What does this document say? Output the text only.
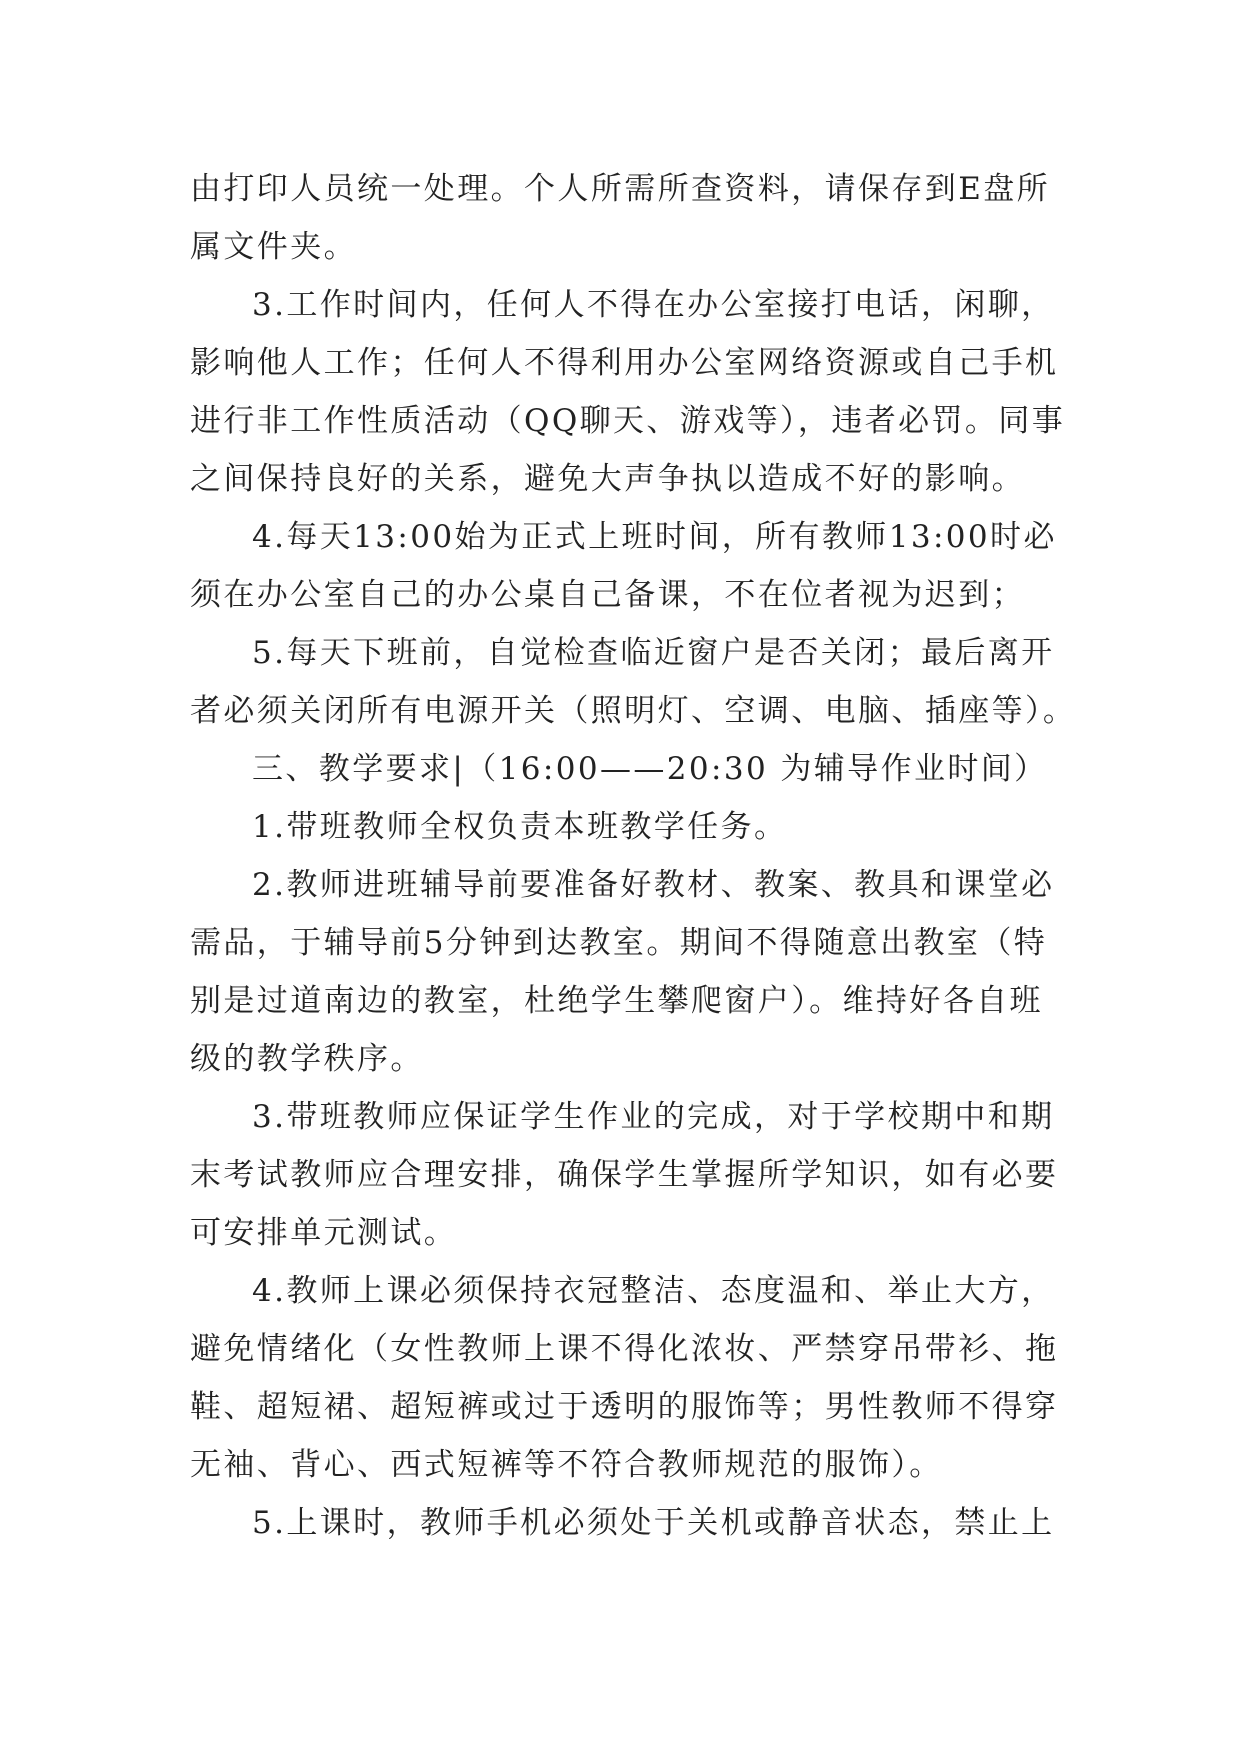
由打印人员统一处理。个人所需所查资料，请保存到E盘所
属文件夹。
3.工作时间内，任何人不得在办公室接打电话，闲聊，
影响他人工作；任何人不得利用办公室网络资源或自己手机
进行非工作性质活动（QQ聊天、游戏等），违者必罚。同事
之间保持良好的关系，避免大声争执以造成不好的影响。
4.每天13:00始为正式上班时间，所有教师13:00时必
须在办公室自己的办公桌自己备课，不在位者视为迟到；
5.每天下班前，自觉检查临近窗户是否关闭；最后离开
者必须关闭所有电源开关（照明灯、空调、电脑、插座等）。
三、教学要求|（16:00——20:30 为辅导作业时间）
1.带班教师全权负责本班教学任务。
2.教师进班辅导前要准备好教材、教案、教具和课堂必
需品，于辅导前5分钟到达教室。期间不得随意出教室（特
别是过道南边的教室，杜绝学生攀爬窗户）。维持好各自班
级的教学秩序。
3.带班教师应保证学生作业的完成，对于学校期中和期
末考试教师应合理安排，确保学生掌握所学知识，如有必要
可安排单元测试。
4.教师上课必须保持衣冠整洁、态度温和、举止大方，
避免情绪化（女性教师上课不得化浓妆、严禁穿吊带衫、拖
鞋、超短裙、超短裤或过于透明的服饰等；男性教师不得穿
无袖、背心、西式短裤等不符合教师规范的服饰）。
5.上课时，教师手机必须处于关机或静音状态，禁止上
